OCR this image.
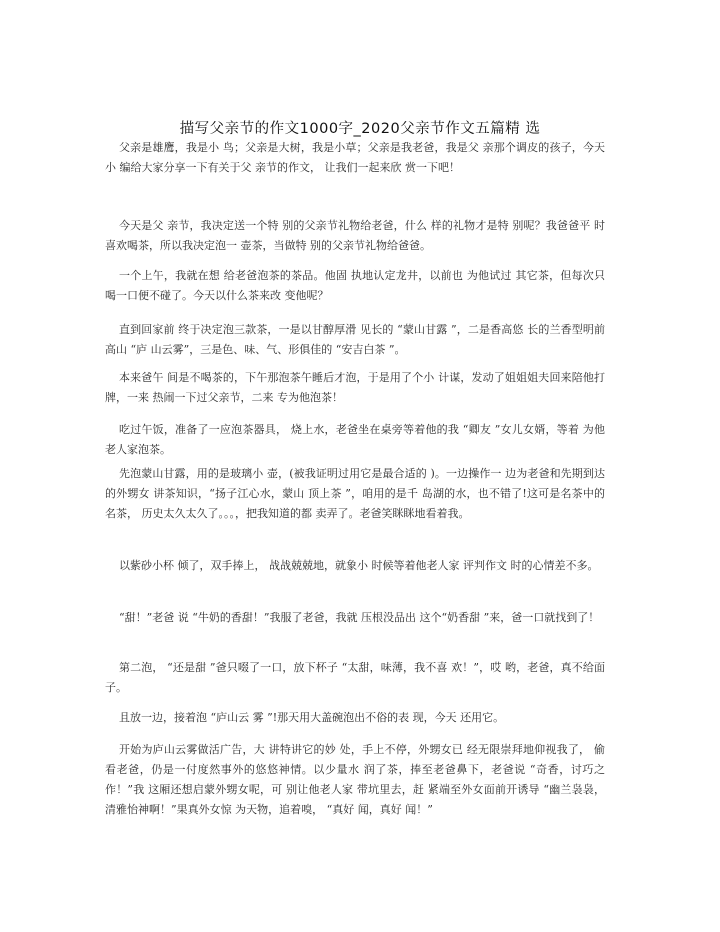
描写父亲节的作文1000字_2020父亲节作文五篇精 选

父亲是雄鹰，我是小 鸟；父亲是大树，我是小草；父亲是我老爸，我是父 亲那个调皮的孩子，今天小 编给大家分享一下有关于父 亲节的作文， 让我们一起来欣 赏一下吧！

今天是父 亲节，我决定送一个特 别的父亲节礼物给老爸，什么 样的礼物才是特 别呢？我爸爸平 时喜欢喝茶，所以我决定泡一 壶茶，当做特 别的父亲节礼物给爸爸。

一个上午，我就在想 给老爸泡茶的茶品。他固 执地认定龙井，以前也 为他试过 其它茶，但每次只喝一口便不碰了。今天以什么茶来改 变他呢？

直到回家前 终于决定泡三款茶，一是以甘醇厚滑 见长的 “蒙山甘露 ”，二是香高悠 长的兰香型明前高山 “庐 山云雾”，三是色、味、气、形俱佳的 “安吉白茶 ”。

本来爸午 间是不喝茶的，下午那泡茶午睡后才泡，于是用了个小 计谋，发动了姐姐姐夫回来陪他打牌，一来 热闹一下过父亲节，二来 专为他泡茶！

吃过午饭，准备了一应泡茶器具， 烧上水，老爸坐在桌旁等着他的我 “卿友 ”女儿女婿，等着 为他老人家泡茶。

先泡蒙山甘露，用的是玻璃小 壶，(被我证明过用它是最合适的 )。一边操作一 边为老爸和先期到达的外甥女 讲茶知识，“扬子江心水，蒙山 顶上茶 ”，咱用的是千 岛湖的水，也不错了!这可是名茶中的名茶， 历史太久太久了。。。，把我知道的都 卖弄了。老爸笑眯眯地看着我。

以紫砂小杯 倾了，双手捧上， 战战兢兢地，就象小 时候等着他老人家 评判作文 时的心情差不多。

“甜！”老爸 说 “牛奶的香甜！”我服了老爸，我就 压根没品出 这个“奶香甜 ”来，爸一口就找到了！

第二泡， “还是甜 ”爸只啜了一口，放下杯子 “太甜，味薄，我不喜 欢！”，哎 哟，老爸，真不给面子。

且放一边，接着泡 “庐山云 雾 ”!那天用大盖碗泡出不俗的表 现，今天 还用它。

开始为庐山云雾做活广告，大 讲特讲它的妙 处，手上不停，外甥女已 经无限崇拜地仰视我了， 偷看老爸，仍是一付度然事外的悠悠神情。以少量水 润了茶，捧至老爸鼻下，老爸说 “奇香，讨巧之作！”我 这厢还想启蒙外甥女呢，可 别让他老人家 带坑里去，赶 紧端至外女面前开诱导 “幽兰袅袅，清雅怡神啊！”果真外女惊 为天物，追着嗅， “真好 闻，真好 闻！”
